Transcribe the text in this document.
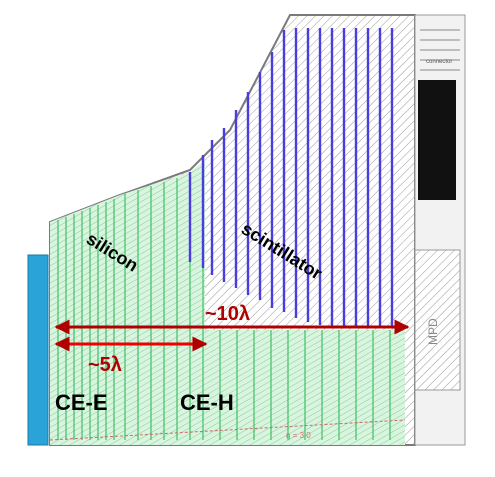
connector
MPD
silicon	scintillator
~10λ
~5λ
CE-E	CE-H
η = 3.0
